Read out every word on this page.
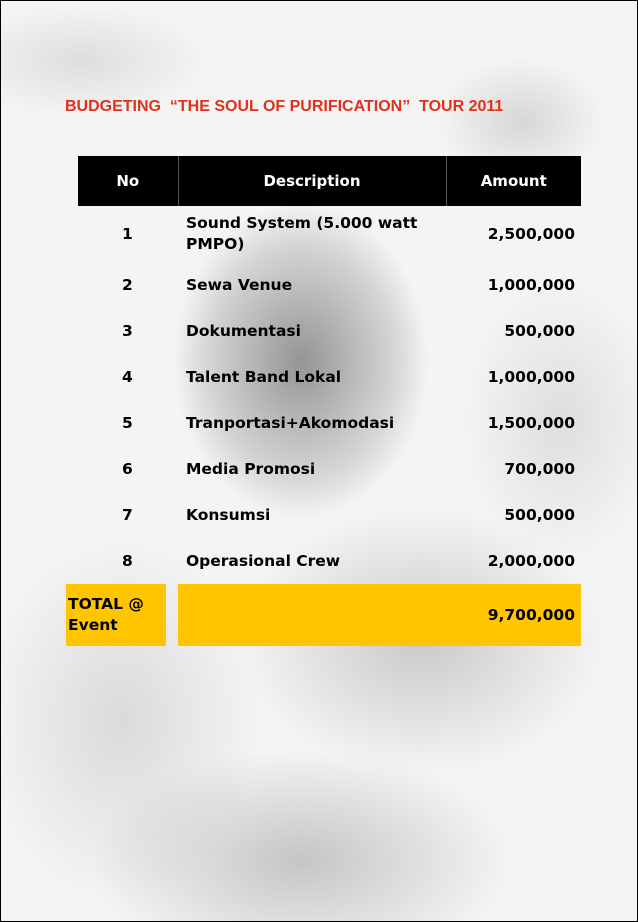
BUDGETING  “THE SOUL OF PURIFICATION”  TOUR 2011
No	Description	Amount
1	Sound System (5.000 watt PMPO)	2,500,000
2	Sewa Venue	1,000,000
3	Dokumentasi	500,000
4	Talent Band Lokal	1,000,000
5	Tranportasi+Akomodasi	1,500,000
6	Media Promosi	700,000
7	Konsumsi	500,000
8	Operasional Crew	2,000,000
TOTAL @ Event		9,700,000
